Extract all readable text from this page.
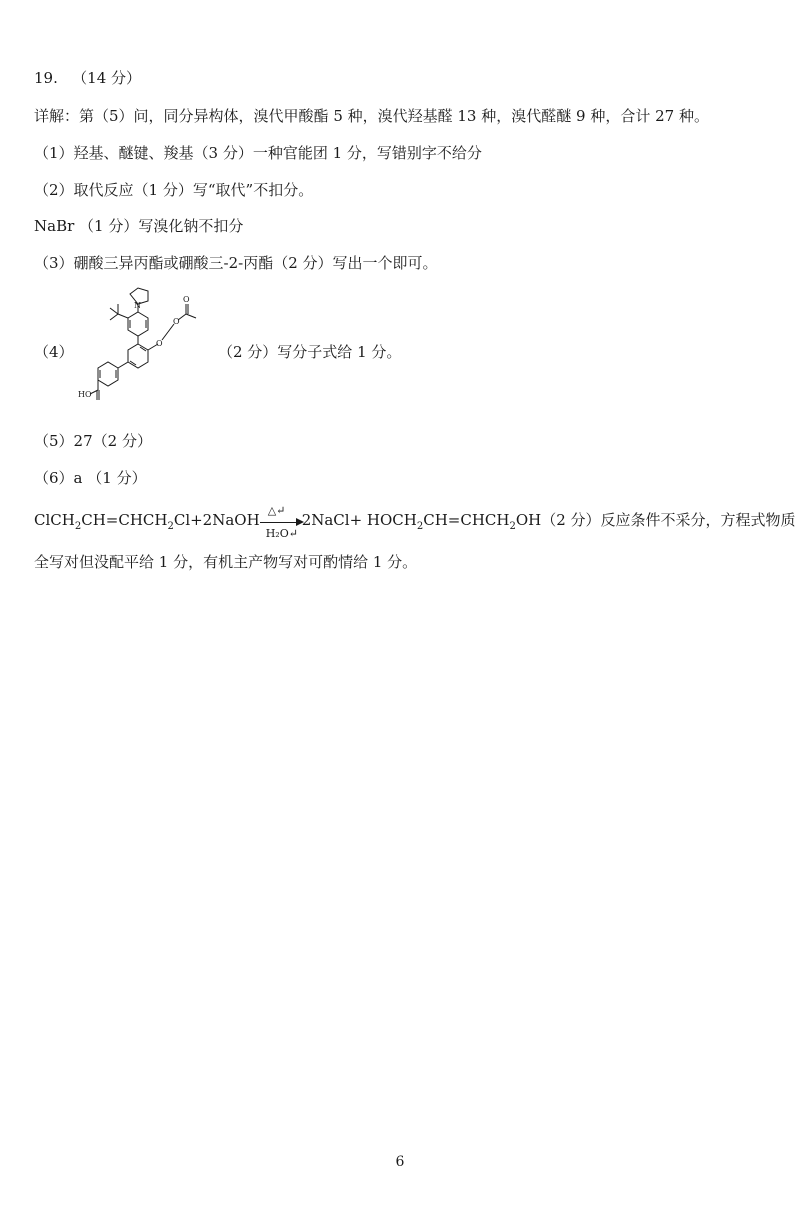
19. （14 分）
详解：第（5）问，同分异构体，溴代甲酸酯 5 种，溴代羟基醛 13 种，溴代醛醚 9 种，合计 27 种。
（1）羟基、醚键、羧基（3 分）一种官能团 1 分，写错别字不给分
（2）取代反应（1 分）写“取代”不扣分。
NaBr （1 分）写溴化钠不扣分
（3）硼酸三异丙酯或硼酸三-2-丙酯（2 分）写出一个即可。
（4）
N
O
O
O
HO
（2 分）写分子式给 1 分。
（5）27（2 分）
（6）a （1 分）
$ClCH_2CH=CHCH_2Cl+2NaOH$
△↵
H₂O↵
2NaCl+ $HOCH_2CH=CHCH_2OH(2$ 分）反应条件不采分，方程式物质
全写对但没配平给 1 分，有机主产物写对可酌情给 1 分。
6
